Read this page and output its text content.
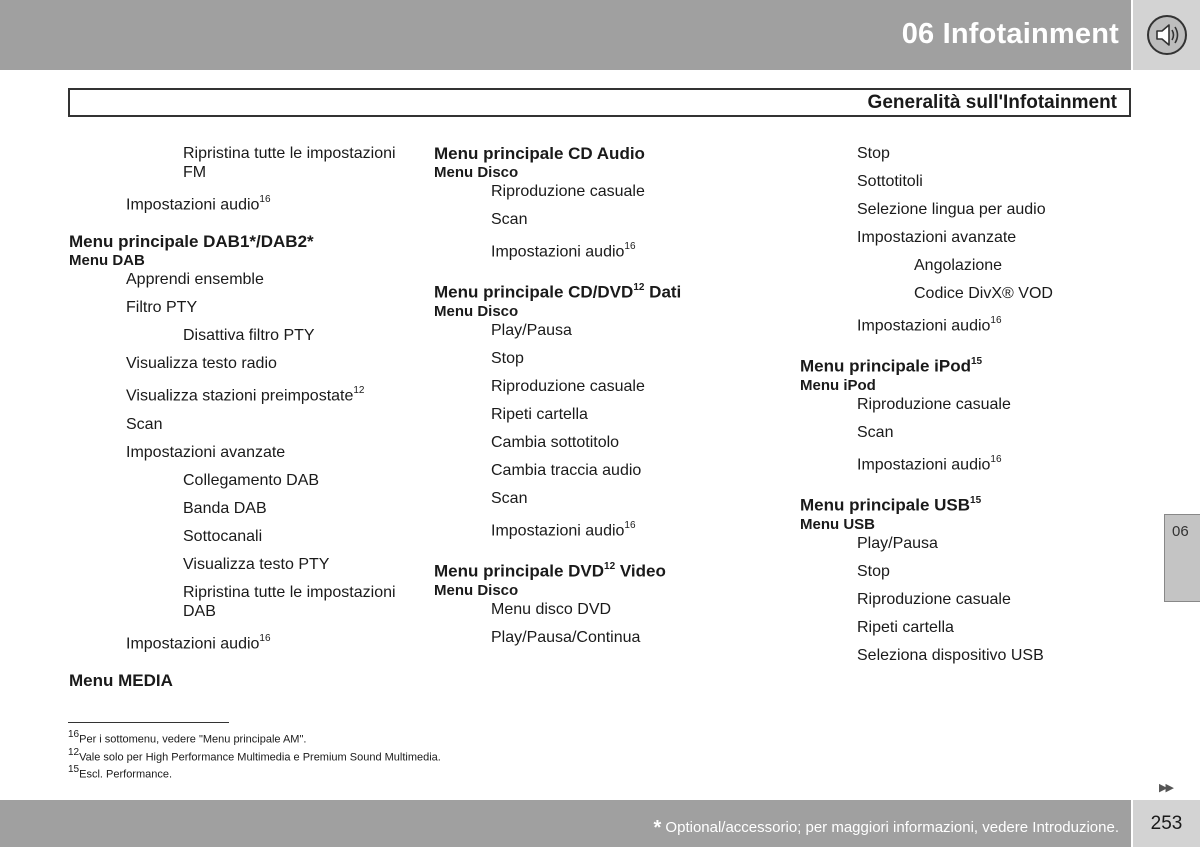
06 Infotainment
Generalità sull'Infotainment
Ripristina tutte le impostazioni
FM
Impostazioni audio$^{16}$
Menu principale DAB1*/DAB2*
Menu DAB
Apprendi ensemble
Filtro PTY
Disattiva filtro PTY
Visualizza testo radio
Visualizza stazioni preimpostate$^{12}$
Scan
Impostazioni avanzate
Collegamento DAB
Banda DAB
Sottocanali
Visualizza testo PTY
Ripristina tutte le impostazioni
DAB
Impostazioni audio$^{16}$
Menu MEDIA
Menu principale CD Audio
Menu Disco
Riproduzione casuale
Scan
Impostazioni audio$^{16}$
Menu principale CD/DVD$^{12}$ Dati
Menu Disco
Play/Pausa
Stop
Riproduzione casuale
Ripeti cartella
Cambia sottotitolo
Cambia traccia audio
Scan
Impostazioni audio$^{16}$
Menu principale DVD$^{12}$ Video
Menu Disco
Menu disco DVD
Play/Pausa/Continua
Stop
Sottotitoli
Selezione lingua per audio
Impostazioni avanzate
Angolazione
Codice DivX® VOD
Impostazioni audio$^{16}$
Menu principale iPod$^{15}$
Menu iPod
Riproduzione casuale
Scan
Impostazioni audio$^{16}$
Menu principale USB$^{15}$
Menu USB
Play/Pausa
Stop
Riproduzione casuale
Ripeti cartella
Seleziona dispositivo USB
$^{16}$Per i sottomenu, vedere "Menu principale AM".
$^{12}$Vale solo per High Performance Multimedia e Premium Sound Multimedia.
$^{15}$Escl. Performance.
06
▶▶
* Optional/accessorio; per maggiori informazioni, vedere Introduzione.	253
